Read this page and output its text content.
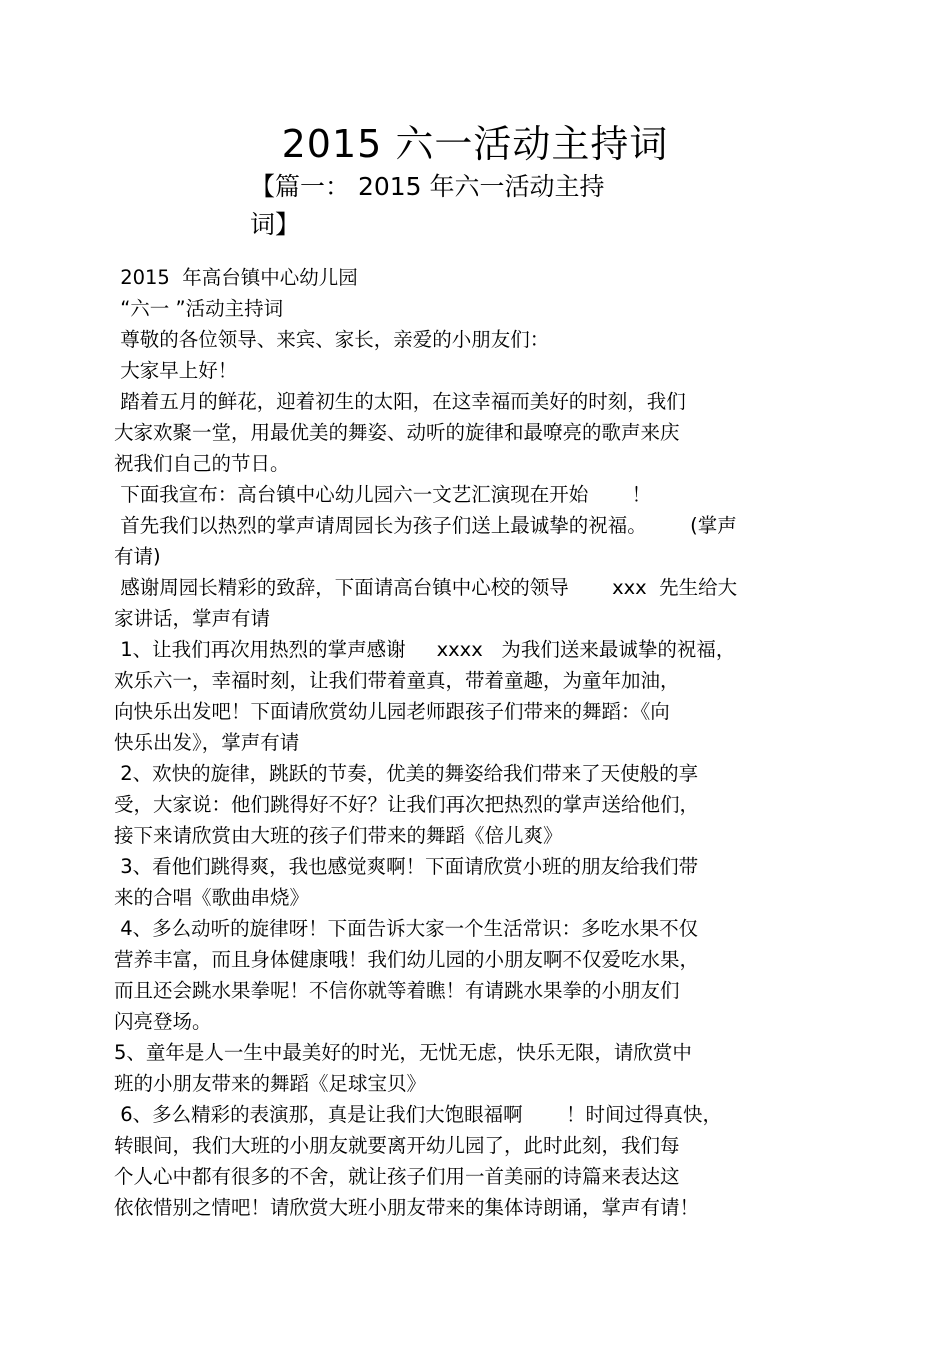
2015 六一活动主持词
【篇一： 2015 年六一活动主持
词】
2015  年高台镇中心幼儿园
“六一 ”活动主持词
尊敬的各位领导、来宾、家长，亲爱的小朋友们：
大家早上好！
踏着五月的鲜花，迎着初生的太阳，在这幸福而美好的时刻，我们
大家欢聚一堂，用最优美的舞姿、动听的旋律和最嘹亮的歌声来庆
祝我们自己的节日。
下面我宣布：高台镇中心幼儿园六一文艺汇演现在开始       ！
首先我们以热烈的掌声请周园长为孩子们送上最诚挚的祝福。       (掌声
有请)
感谢周园长精彩的致辞，下面请高台镇中心校的领导       xxx  先生给大
家讲话，掌声有请
1、让我们再次用热烈的掌声感谢     xxxx   为我们送来最诚挚的祝福，
欢乐六一，幸福时刻，让我们带着童真，带着童趣，为童年加油，
向快乐出发吧！下面请欣赏幼儿园老师跟孩子们带来的舞蹈：《向
快乐出发》，掌声有请
2、欢快的旋律，跳跃的节奏，优美的舞姿给我们带来了天使般的享
受，大家说：他们跳得好不好？让我们再次把热烈的掌声送给他们，
接下来请欣赏由大班的孩子们带来的舞蹈《倍儿爽》
3、看他们跳得爽，我也感觉爽啊！下面请欣赏小班的朋友给我们带
来的合唱《歌曲串烧》
4、多么动听的旋律呀！下面告诉大家一个生活常识：多吃水果不仅
营养丰富，而且身体健康哦！我们幼儿园的小朋友啊不仅爱吃水果，
而且还会跳水果拳呢！不信你就等着瞧！有请跳水果拳的小朋友们
闪亮登场。
5、童年是人一生中最美好的时光，无忧无虑，快乐无限，请欣赏中
班的小朋友带来的舞蹈《足球宝贝》
6、多么精彩的表演那，真是让我们大饱眼福啊       ！时间过得真快，
转眼间，我们大班的小朋友就要离开幼儿园了，此时此刻，我们每
个人心中都有很多的不舍，就让孩子们用一首美丽的诗篇来表达这
依依惜别之情吧！请欣赏大班小朋友带来的集体诗朗诵，掌声有请！
